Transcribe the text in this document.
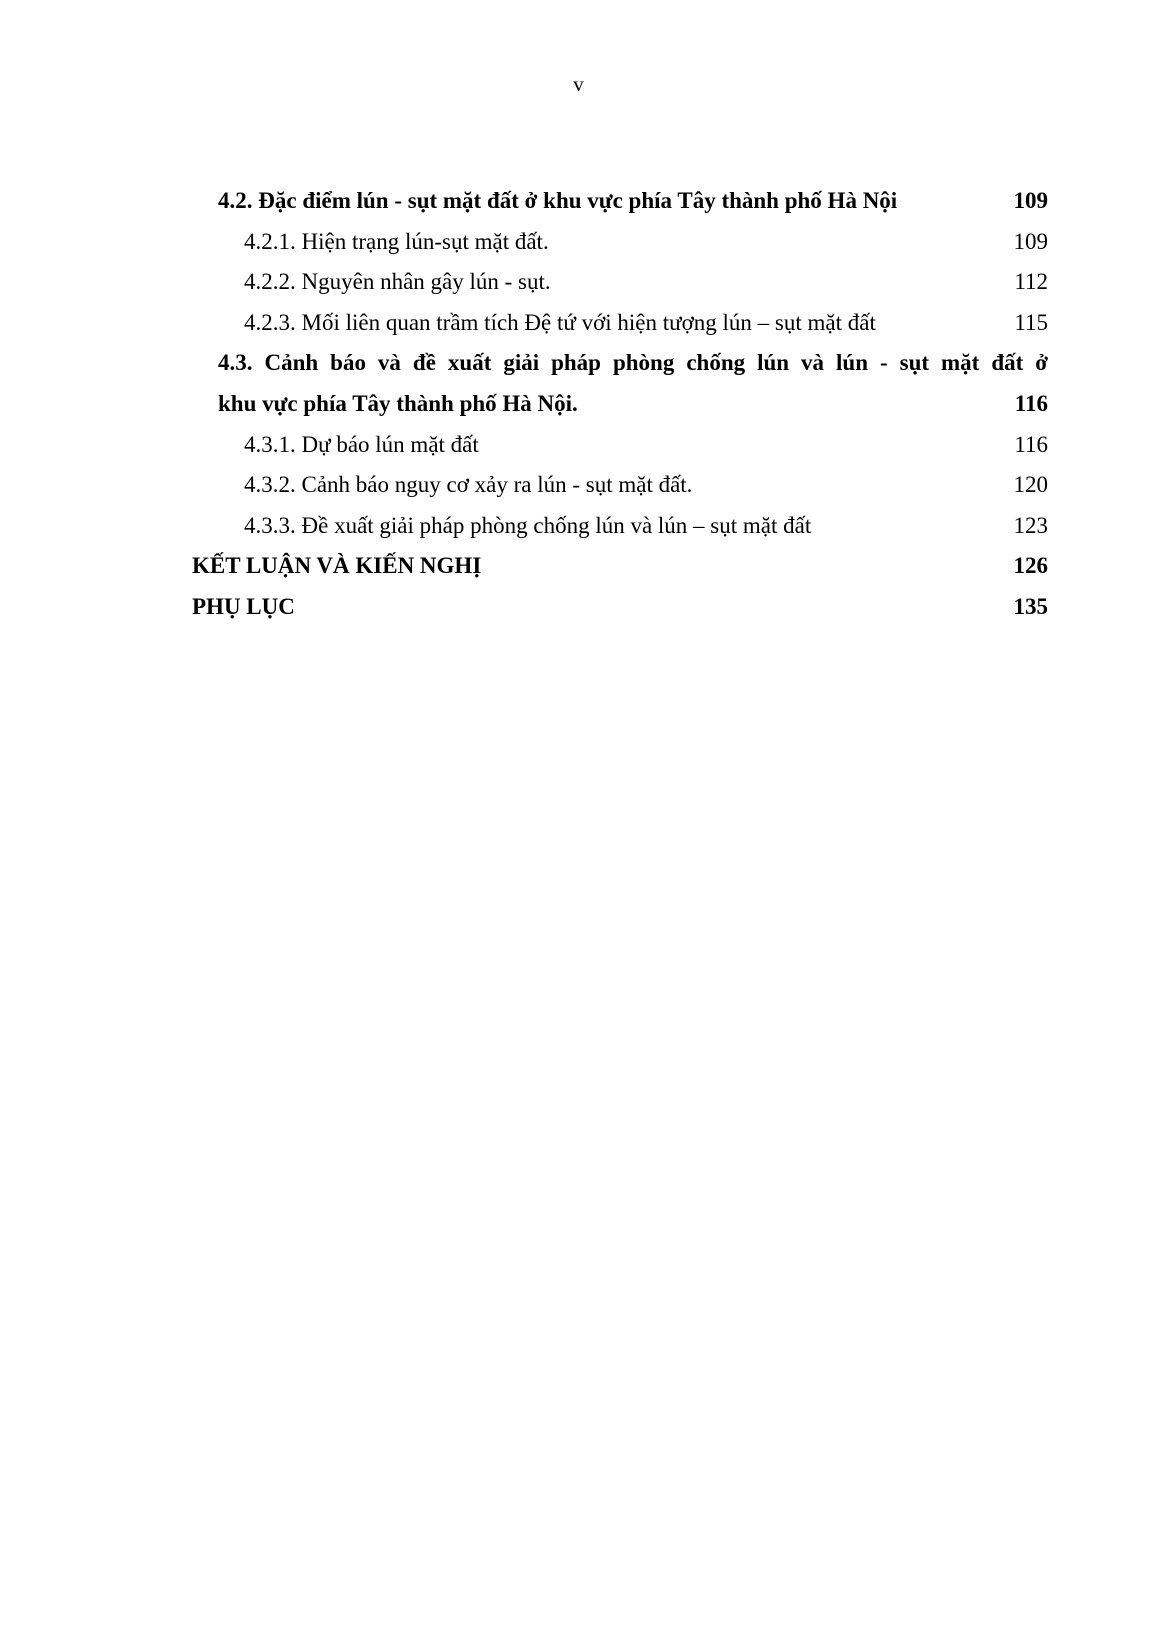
v
4.2. Đặc điểm lún - sụt mặt đất ở khu vực phía Tây thành phố Hà Nội	109
4.2.1. Hiện trạng lún-sụt mặt đất.	109
4.2.2. Nguyên nhân gây lún - sụt.	112
4.2.3. Mối liên quan trầm tích Đệ tứ với hiện tượng lún – sụt mặt đất	115
4.3. Cảnh báo và đề xuất giải pháp phòng chống lún và lún - sụt mặt đất ở
khu vực phía Tây thành phố Hà Nội.	116
4.3.1. Dự báo lún mặt đất	116
4.3.2. Cảnh báo nguy cơ xảy ra lún - sụt mặt đất.	120
4.3.3. Đề xuất giải pháp phòng chống lún và lún – sụt mặt đất	123
KẾT LUẬN VÀ KIẾN NGHỊ	126
PHỤ LỤC	135
